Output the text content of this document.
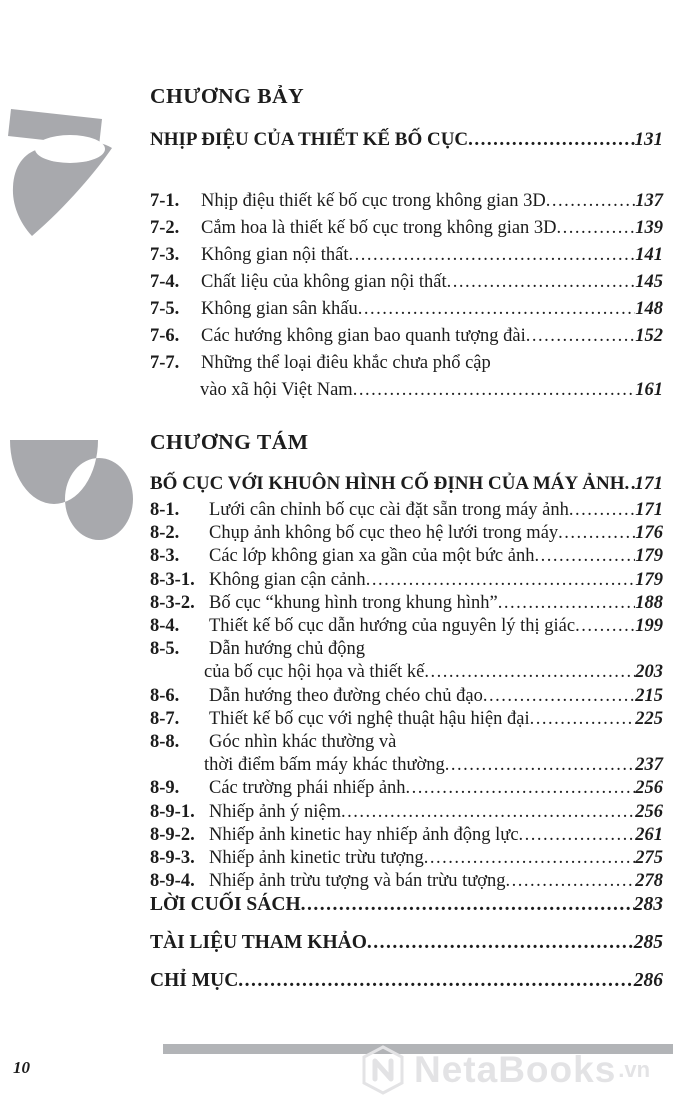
CHƯƠNG BẢY
NHỊP ĐIỆU CỦA THIẾT KẾ BỐ CỤC .....	131
7-1.	Nhịp điệu thiết kế bố cục trong không gian 3D .....	137
7-2.	Cắm hoa là thiết kế bố cục trong không gian 3D .....	139
7-3.	Không gian nội thất .....	141
7-4.	Chất liệu của không gian nội thất .....	145
7-5.	Không gian sân khấu .....	148
7-6.	Các hướng không gian bao quanh tượng đài .....	152
7-7.	Những thể loại điêu khắc chưa phổ cập
vào xã hội Việt Nam .....	161
CHƯƠNG TÁM
BỐ CỤC VỚI KHUÔN HÌNH CỐ ĐỊNH CỦA MÁY ẢNH ..... 171
8-1.	Lưới cân chỉnh bố cục cài đặt sẵn trong máy ảnh .....	171
8-2.	Chụp ảnh không bố cục theo hệ lưới trong máy .....	176
8-3.	Các lớp không gian xa gần của một bức ảnh .....	179
8-3-1. Không gian cận cảnh .....	179
8-3-2. Bố cục “khung hình trong khung hình” .....	188
8-4.	Thiết kế bố cục dẫn hướng của nguyên lý thị giác .....	199
8-5.	Dẫn hướng chủ động
của bố cục hội họa và thiết kế .....	203
8-6.	Dẫn hướng theo đường chéo chủ đạo .....	215
8-7.	Thiết kế bố cục với nghệ thuật hậu hiện đại .....	225
8-8.	Góc nhìn khác thường và
thời điểm bấm máy khác thường .....	237
8-9.	Các trường phái nhiếp ảnh .....	256
8-9-1. Nhiếp ảnh ý niệm .....	256
8-9-2. Nhiếp ảnh kinetic hay nhiếp ảnh động lực .....	261
8-9-3. Nhiếp ảnh kinetic trừu tượng .....	275
8-9-4. Nhiếp ảnh trừu tượng và bán trừu tượng .....	278
LỜI CUỐI SÁCH .....	283
TÀI LIỆU THAM KHẢO .....	285
CHỈ MỤC .....	286
10	NetaBooks .vn
